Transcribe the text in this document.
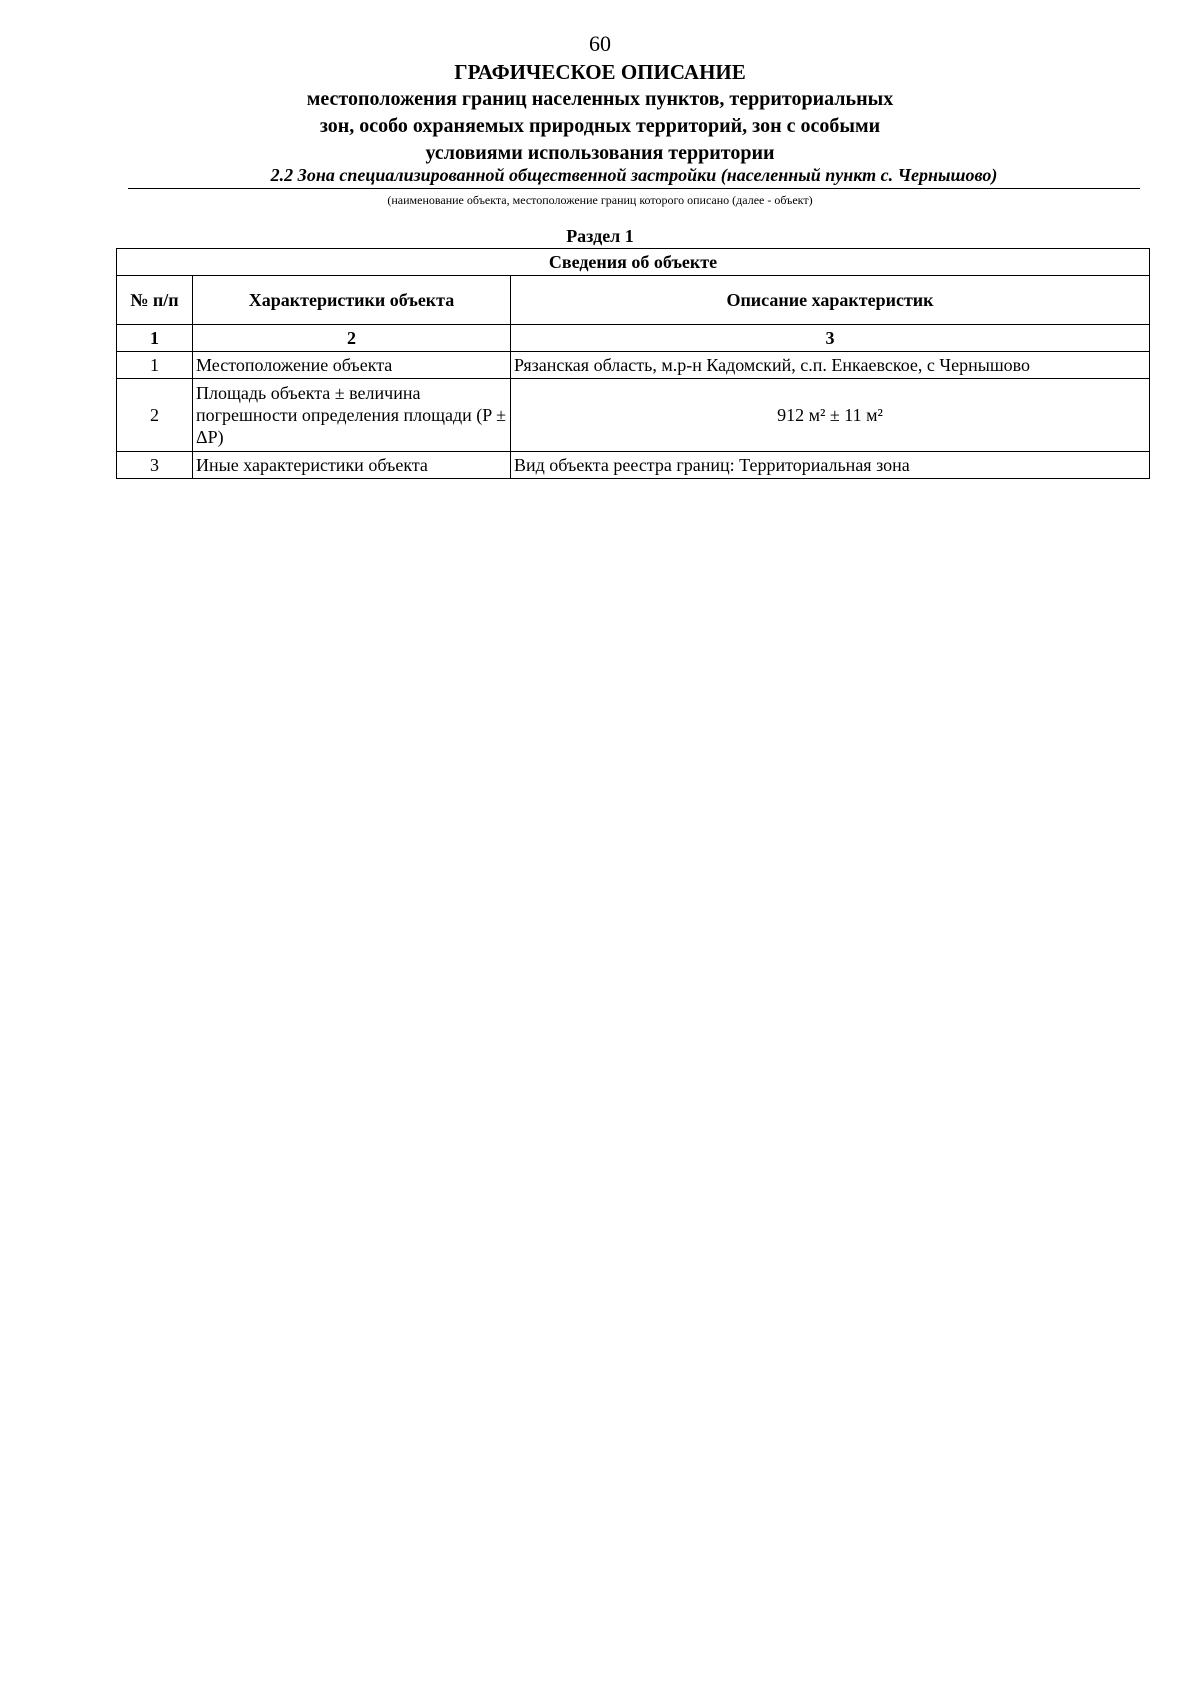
60
ГРАФИЧЕСКОЕ ОПИСАНИЕ
местоположения границ населенных пунктов, территориальных
зон, особо охраняемых природных территорий, зон с особыми
условиями использования территории
2.2 Зона специализированной общественной застройки (населенный пункт с. Чернышово)
(наименование объекта, местоположение границ которого описано (далее - объект)
Раздел 1
Сведения об объекте		
№ п/п	Характеристики объекта	Описание характеристик
1	2	3
1	Местоположение объекта	Рязанская область, м.р-н Кадомский, с.п. Енкаевское, с Чернышово
2	Площадь объекта ± величина погрешности определения площади (P ± ΔP)	912 м² ± 11 м²
3	Иные характеристики объекта	Вид объекта реестра границ: Территориальная зона
